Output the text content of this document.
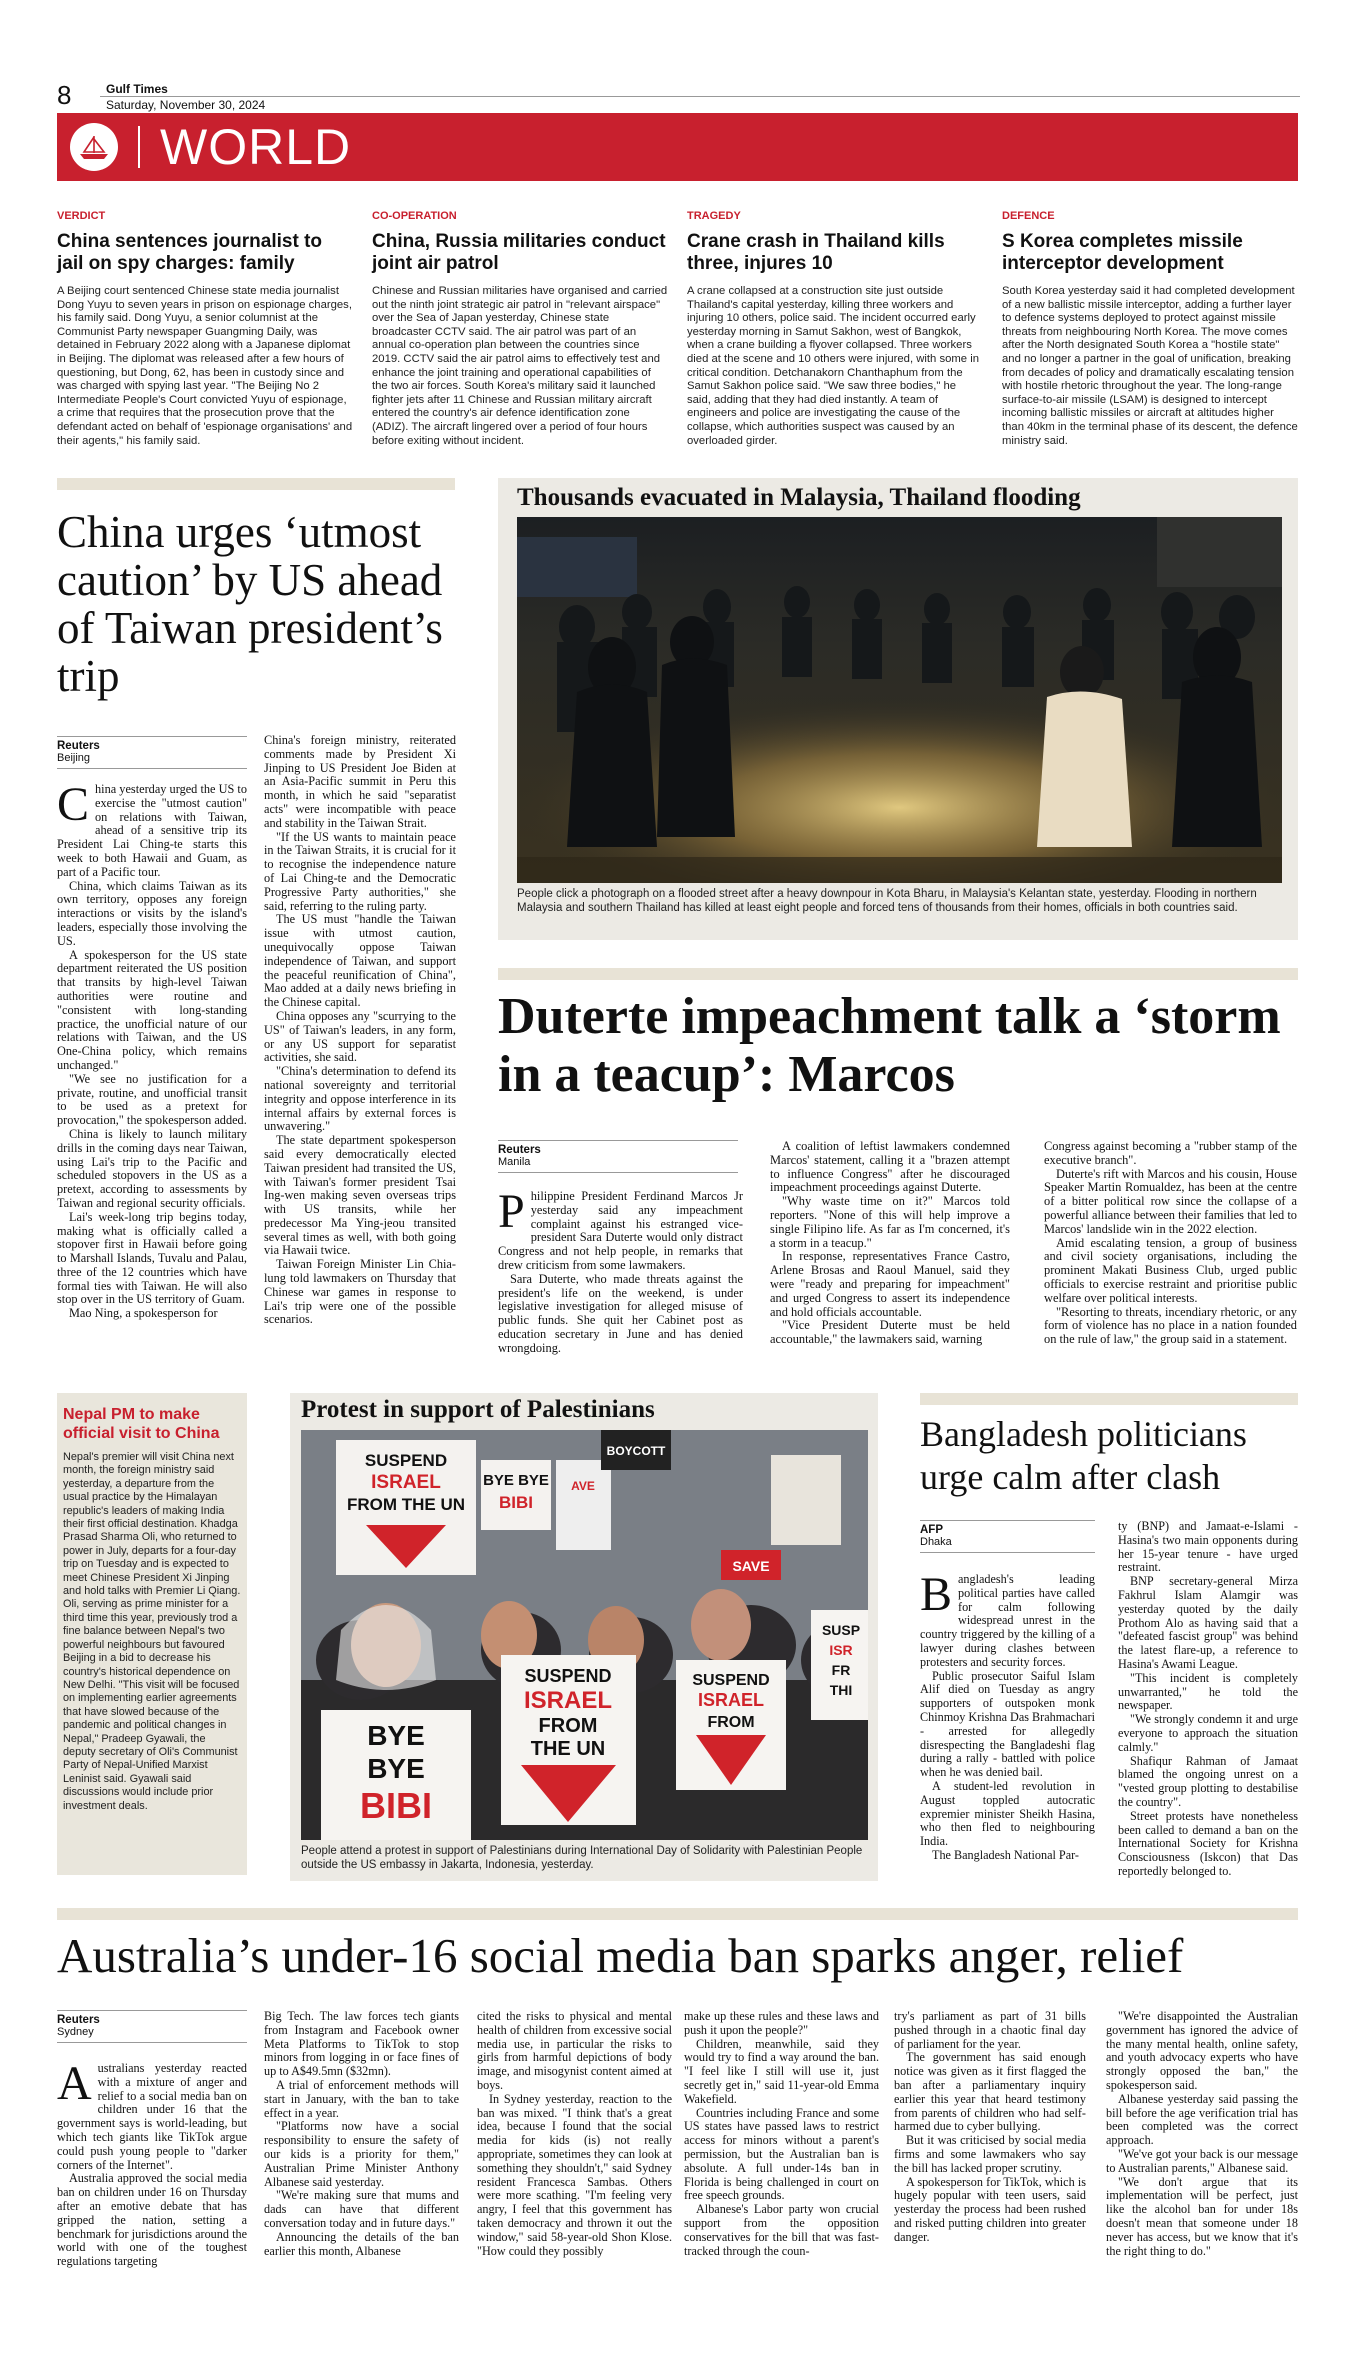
8	Gulf Times
Saturday, November 30, 2024
WORLD
VERDICT
China sentences journalist to jail on spy charges: family
A Beijing court sentenced Chinese state media journalist Dong Yuyu to seven years in prison on espionage charges, his family said. Dong Yuyu, a senior columnist at the Communist Party newspaper Guangming Daily, was detained in February 2022 along with a Japanese diplomat in Beijing. The diplomat was released after a few hours of questioning, but Dong, 62, has been in custody since and was charged with spying last year. "The Beijing No 2 Intermediate People's Court convicted Yuyu of espionage, a crime that requires that the prosecution prove that the defendant acted on behalf of 'espionage organisations' and their agents," his family said.
CO-OPERATION
China, Russia militaries conduct joint air patrol
Chinese and Russian militaries have organised and carried out the ninth joint strategic air patrol in "relevant airspace" over the Sea of Japan yesterday, Chinese state broadcaster CCTV said. The air patrol was part of an annual co-operation plan between the countries since 2019. CCTV said the air patrol aims to effectively test and enhance the joint training and operational capabilities of the two air forces. South Korea's military said it launched fighter jets after 11 Chinese and Russian military aircraft entered the country's air defence identification zone (ADIZ). The aircraft lingered over a period of four hours before exiting without incident.
TRAGEDY
Crane crash in Thailand kills three, injures 10
A crane collapsed at a construction site just outside Thailand's capital yesterday, killing three workers and injuring 10 others, police said. The incident occurred early yesterday morning in Samut Sakhon, west of Bangkok, when a crane building a flyover collapsed. Three workers died at the scene and 10 others were injured, with some in critical condition. Detchanakorn Chanthaphum from the Samut Sakhon police said. "We saw three bodies," he said, adding that they had died instantly. A team of engineers and police are investigating the cause of the collapse, which authorities suspect was caused by an overloaded girder.
DEFENCE
S Korea completes missile interceptor development
South Korea yesterday said it had completed development of a new ballistic missile interceptor, adding a further layer to defence systems deployed to protect against missile threats from neighbouring North Korea. The move comes after the North designated South Korea a "hostile state" and no longer a partner in the goal of unification, breaking from decades of policy and dramatically escalating tension with hostile rhetoric throughout the year. The long-range surface-to-air missile (LSAM) is designed to intercept incoming ballistic missiles or aircraft at altitudes higher than 40km in the terminal phase of its descent, the defence ministry said.
China urges ‘utmost caution’ by US ahead of Taiwan president’s trip
Reuters
Beijing

China yesterday urged the US to exercise the "utmost caution" on relations with Taiwan, ahead of a sensitive trip its President Lai Ching-te starts this week to both Hawaii and Guam, as part of a Pacific tour.

China, which claims Taiwan as its own territory, opposes any foreign interactions or visits by the island's leaders, especially those involving the US.

A spokesperson for the US state department reiterated the US position that transits by high-level Taiwan authorities were routine and "consistent with long-standing practice, the unofficial nature of our relations with Taiwan, and the US One-China policy, which remains unchanged."

"We see no justification for a private, routine, and unofficial transit to be used as a pretext for provocation," the spokesperson added.

China is likely to launch military drills in the coming days near Taiwan, using Lai's trip to the Pacific and scheduled stopovers in the US as a pretext, according to assessments by Taiwan and regional security officials.

Lai's week-long trip begins today, making what is officially called a stopover first in Hawaii before going to Marshall Islands, Tuvalu and Palau, three of the 12 countries which have formal ties with Taiwan. He will also stop over in the US territory of Guam.

Mao Ning, a spokesperson for

China's foreign ministry, reiterated comments made by President Xi Jinping to US President Joe Biden at an Asia-Pacific summit in Peru this month, in which he said "separatist acts" were incompatible with peace and stability in the Taiwan Strait.

"If the US wants to maintain peace in the Taiwan Straits, it is crucial for it to recognise the independence nature of Lai Ching-te and the Democratic Progressive Party authorities," she said, referring to the ruling party.

The US must "handle the Taiwan issue with utmost caution, unequivocally oppose Taiwan independence of Taiwan, and support the peaceful reunification of China", Mao added at a daily news briefing in the Chinese capital.

China opposes any "scurrying to the US" of Taiwan's leaders, in any form, or any US support for separatist activities, she said.

"China's determination to defend its national sovereignty and territorial integrity and oppose interference in its internal affairs by external forces is unwavering."

The state department spokesperson said every democratically elected Taiwan president had transited the US, with Taiwan's former president Tsai Ing-wen making seven overseas trips with US transits, while her predecessor Ma Ying-jeou transited several times as well, with both going via Hawaii twice.

Taiwan Foreign Minister Lin Chia-lung told lawmakers on Thursday that Chinese war games in response to Lai's trip were one of the possible scenarios.

Thousands evacuated in Malaysia, Thailand flooding
People click a photograph on a flooded street after a heavy downpour in Kota Bharu, in Malaysia's Kelantan state, yesterday. Flooding in northern Malaysia and southern Thailand has killed at least eight people and forced tens of thousands from their homes, officials in both countries said.
Duterte impeachment talk a ‘storm in a teacup’: Marcos
Reuters
Manila

Philippine President Ferdinand Marcos Jr yesterday said any impeachment complaint against his estranged vice-president Sara Duterte would only distract Congress and not help people, in remarks that drew criticism from some lawmakers.

Sara Duterte, who made threats against the president's life on the weekend, is under legislative investigation for alleged misuse of public funds. She quit her Cabinet post as education secretary in June and has denied wrongdoing.

A coalition of leftist lawmakers condemned Marcos' statement, calling it a "brazen attempt to influence Congress" after he discouraged impeachment proceedings against Duterte.

"Why waste time on it?" Marcos told reporters. "None of this will help improve a single Filipino life. As far as I'm concerned, it's a storm in a teacup."

In response, representatives France Castro, Arlene Brosas and Raoul Manuel, said they were "ready and preparing for impeachment" and urged Congress to assert its independence and hold officials accountable.

"Vice President Duterte must be held accountable," the lawmakers said, warning

Congress against becoming a "rubber stamp of the executive branch".

Duterte's rift with Marcos and his cousin, House Speaker Martin Romualdez, has been at the centre of a bitter political row since the collapse of a powerful alliance between their families that led to Marcos' landslide win in the 2022 election.

Amid escalating tension, a group of business and civil society organisations, including the prominent Makati Business Club, urged public officials to exercise restraint and prioritise public welfare over political interests.

"Resorting to threats, incendiary rhetoric, or any form of violence has no place in a nation founded on the rule of law," the group said in a statement.

Nepal PM to make official visit to China
Nepal's premier will visit China next month, the foreign ministry said yesterday, a departure from the usual practice by the Himalayan republic's leaders of making India their first official destination. Khadga Prasad Sharma Oli, who returned to power in July, departs for a four-day trip on Tuesday and is expected to meet Chinese President Xi Jinping and hold talks with Premier Li Qiang. Oli, serving as prime minister for a third time this year, previously trod a fine balance between Nepal's two powerful neighbours but favoured Beijing in a bid to decrease his country's historical dependence on New Delhi. "This visit will be focused on implementing earlier agreements that have slowed because of the pandemic and political changes in Nepal," Pradeep Gyawali, the deputy secretary of Oli's Communist Party of Nepal-Unified Marxist Leninist said. Gyawali said discussions would include prior investment deals.
Protest in support of Palestinians
SUSPEND
ISRAEL
FROM THE UN
BYE BYE
BIBI
AVE
BOYCOTT
SAVE
BYE
BYE
BIBI
SUSPEND
ISRAEL
FROM
THE UN
SUSPEND
ISRAEL
FROM
SUSP
ISR
FR
THI
People attend a protest in support of Palestinians during International Day of Solidarity with Palestinian People outside the US embassy in Jakarta, Indonesia, yesterday.
Bangladesh politicians urge calm after clash
AFP
Dhaka

Bangladesh's leading political parties have called for calm following widespread unrest in the country triggered by the killing of a lawyer during clashes between protesters and security forces.

Public prosecutor Saiful Islam Alif died on Tuesday as angry supporters of outspoken monk Chinmoy Krishna Das Brahmachari - arrested for allegedly disrespecting the Bangladeshi flag during a rally - battled with police when he was denied bail.

A student-led revolution in August toppled autocratic expremier minister Sheikh Hasina, who then fled to neighbouring India.

The Bangladesh National Par-

ty (BNP) and Jamaat-e-Islami - Hasina's two main opponents during her 15-year tenure - have urged restraint.

BNP secretary-general Mirza Fakhrul Islam Alamgir was yesterday quoted by the daily Prothom Alo as having said that a "defeated fascist group" was behind the latest flare-up, a reference to Hasina's Awami League.

"This incident is completely unwarranted," he told the newspaper.

"We strongly condemn it and urge everyone to approach the situation calmly."

Shafiqur Rahman of Jamaat blamed the ongoing unrest on a "vested group plotting to destabilise the country".

Street protests have nonetheless been called to demand a ban on the International Society for Krishna Consciousness (Iskcon) that Das reportedly belonged to.

Australia’s under-16 social media ban sparks anger, relief
Reuters
Sydney

Australians yesterday reacted with a mixture of anger and relief to a social media ban on children under 16 that the government says is world-leading, but which tech giants like TikTok argue could push young people to "darker corners of the Internet".

Australia approved the social media ban on children under 16 on Thursday after an emotive debate that has gripped the nation, setting a benchmark for jurisdictions around the world with one of the toughest regulations targeting

Big Tech. The law forces tech giants from Instagram and Facebook owner Meta Platforms to TikTok to stop minors from logging in or face fines of up to A$49.5mn ($32mn).

A trial of enforcement methods will start in January, with the ban to take effect in a year.

"Platforms now have a social responsibility to ensure the safety of our kids is a priority for them," Australian Prime Minister Anthony Albanese said yesterday.

"We're making sure that mums and dads can have that different conversation today and in future days."

Announcing the details of the ban earlier this month, Albanese

cited the risks to physical and mental health of children from excessive social media use, in particular the risks to girls from harmful depictions of body image, and misogynist content aimed at boys.

In Sydney yesterday, reaction to the ban was mixed. "I think that's a great idea, because I found that the social media for kids (is) not really appropriate, sometimes they can look at something they shouldn't," said Sydney resident Francesca Sambas. Others were more scathing. "I'm feeling very angry, I feel that this government has taken democracy and thrown it out the window," said 58-year-old Shon Klose. "How could they possibly

make up these rules and these laws and push it upon the people?"

Children, meanwhile, said they would try to find a way around the ban. "I feel like I still will use it, just secretly get in," said 11-year-old Emma Wakefield.

Countries including France and some US states have passed laws to restrict access for minors without a parent's permission, but the Australian ban is absolute. A full under-14s ban in Florida is being challenged in court on free speech grounds.

Albanese's Labor party won crucial support from the opposition conservatives for the bill that was fast-tracked through the coun-

try's parliament as part of 31 bills pushed through in a chaotic final day of parliament for the year.

The government has said enough notice was given as it first flagged the ban after a parliamentary inquiry earlier this year that heard testimony from parents of children who had self-harmed due to cyber bullying.

But it was criticised by social media firms and some lawmakers who say the bill has lacked proper scrutiny.

A spokesperson for TikTok, which is hugely popular with teen users, said yesterday the process had been rushed and risked putting children into greater danger.

"We're disappointed the Australian government has ignored the advice of the many mental health, online safety, and youth advocacy experts who have strongly opposed the ban," the spokesperson said.

Albanese yesterday said passing the bill before the age verification trial has been completed was the correct approach.

"We've got your back is our message to Australian parents," Albanese said.

"We don't argue that its implementation will be perfect, just like the alcohol ban for under 18s doesn't mean that someone under 18 never has access, but we know that it's the right thing to do."
